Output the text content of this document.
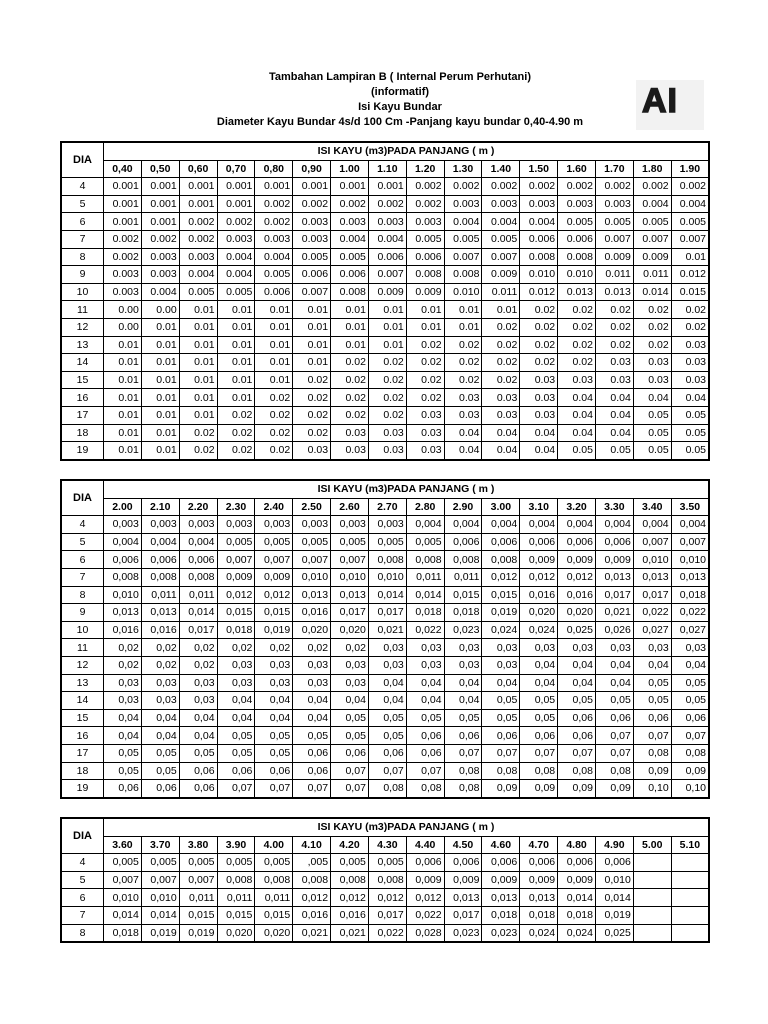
Tambahan Lampiran B ( Internal Perum Perhutani)
(informatif)
Isi Kayu Bundar
Diameter Kayu Bundar 4s/d 100 Cm -Panjang kayu bundar 0,40-4.90 m
AI
DIA	ISI KAYU (m3)PADA PANJANG ( m )															
	0,40	0,50	0,60	0,70	0,80	0,90	1.00	1.10	1.20	1.30	1.40	1.50	1.60	1.70	1.80	1.90
4	0.001	0.001	0.001	0.001	0.001	0.001	0.001	0.001	0.002	0.002	0.002	0.002	0.002	0.002	0.002	0.002
5	0.001	0.001	0.001	0.001	0.002	0.002	0.002	0.002	0.002	0.003	0.003	0.003	0.003	0.003	0.004	0.004
6	0.001	0.001	0.002	0.002	0.002	0.003	0.003	0.003	0.003	0.004	0.004	0.004	0.005	0.005	0.005	0.005
7	0.002	0.002	0.002	0.003	0.003	0.003	0.004	0.004	0.005	0.005	0.005	0.006	0.006	0.007	0.007	0.007
8	0.002	0.003	0.003	0.004	0.004	0.005	0.005	0.006	0.006	0.007	0.007	0.008	0.008	0.009	0.009	0.01
9	0.003	0.003	0.004	0.004	0.005	0.006	0.006	0.007	0.008	0.008	0.009	0.010	0.010	0.011	0.011	0.012
10	0.003	0.004	0.005	0.005	0.006	0.007	0.008	0.009	0.009	0.010	0.011	0.012	0.013	0.013	0.014	0.015
11	0.00	0.00	0.01	0.01	0.01	0.01	0.01	0.01	0.01	0.01	0.01	0.02	0.02	0.02	0.02	0.02
12	0.00	0.01	0.01	0.01	0.01	0.01	0.01	0.01	0.01	0.01	0.02	0.02	0.02	0.02	0.02	0.02
13	0.01	0.01	0.01	0.01	0.01	0.01	0.01	0.01	0.02	0.02	0.02	0.02	0.02	0.02	0.02	0.03
14	0.01	0.01	0.01	0.01	0.01	0.01	0.02	0.02	0.02	0.02	0.02	0.02	0.02	0.03	0.03	0.03
15	0.01	0.01	0.01	0.01	0.01	0.02	0.02	0.02	0.02	0.02	0.02	0.03	0.03	0.03	0.03	0.03
16	0.01	0.01	0.01	0.01	0.02	0.02	0.02	0.02	0.02	0.03	0.03	0.03	0.04	0.04	0.04	0.04
17	0.01	0.01	0.01	0.02	0.02	0.02	0.02	0.02	0.03	0.03	0.03	0.03	0.04	0.04	0.05	0.05
18	0.01	0.01	0.02	0.02	0.02	0.02	0.03	0.03	0.03	0.04	0.04	0.04	0.04	0.04	0.05	0.05
19	0.01	0.01	0.02	0.02	0.02	0.03	0.03	0.03	0.03	0.04	0.04	0.04	0.05	0.05	0.05	0.05
DIA	ISI KAYU (m3)PADA PANJANG ( m )															
	2.00	2.10	2.20	2.30	2.40	2.50	2.60	2.70	2.80	2.90	3.00	3.10	3.20	3.30	3.40	3.50
4	0,003	0,003	0,003	0,003	0,003	0,003	0,003	0,003	0,004	0,004	0,004	0,004	0,004	0,004	0,004	0,004
5	0,004	0,004	0,004	0,005	0,005	0,005	0,005	0,005	0,005	0,006	0,006	0,006	0,006	0,006	0,007	0,007
6	0,006	0,006	0,006	0,007	0,007	0,007	0,007	0,008	0,008	0,008	0,008	0,009	0,009	0,009	0,010	0,010
7	0,008	0,008	0,008	0,009	0,009	0,010	0,010	0,010	0,011	0,011	0,012	0,012	0,012	0,013	0,013	0,013
8	0,010	0,011	0,011	0,012	0,012	0,013	0,013	0,014	0,014	0,015	0,015	0,016	0,016	0,017	0,017	0,018
9	0,013	0,013	0,014	0,015	0,015	0,016	0,017	0,017	0,018	0,018	0,019	0,020	0,020	0,021	0,022	0,022
10	0,016	0,016	0,017	0,018	0,019	0,020	0,020	0,021	0,022	0,023	0,024	0,024	0,025	0,026	0,027	0,027
11	0,02	0,02	0,02	0,02	0,02	0,02	0,02	0,03	0,03	0,03	0,03	0,03	0,03	0,03	0,03	0,03
12	0,02	0,02	0,02	0,03	0,03	0,03	0,03	0,03	0,03	0,03	0,03	0,04	0,04	0,04	0,04	0,04
13	0,03	0,03	0,03	0,03	0,03	0,03	0,03	0,04	0,04	0,04	0,04	0,04	0,04	0,04	0,05	0,05
14	0,03	0,03	0,03	0,04	0,04	0,04	0,04	0,04	0,04	0,04	0,05	0,05	0,05	0,05	0,05	0,05
15	0,04	0,04	0,04	0,04	0,04	0,04	0,05	0,05	0,05	0,05	0,05	0,05	0,06	0,06	0,06	0,06
16	0,04	0,04	0,04	0,05	0,05	0,05	0,05	0,05	0,06	0,06	0,06	0,06	0,06	0,07	0,07	0,07
17	0,05	0,05	0,05	0,05	0,05	0,06	0,06	0,06	0,06	0,07	0,07	0,07	0,07	0,07	0,08	0,08
18	0,05	0,05	0,06	0,06	0,06	0,06	0,07	0,07	0,07	0,08	0,08	0,08	0,08	0,08	0,09	0,09
19	0,06	0,06	0,06	0,07	0,07	0,07	0,07	0,08	0,08	0,08	0,09	0,09	0,09	0,09	0,10	0,10
DIA	ISI KAYU (m3)PADA PANJANG ( m )															
	3.60	3.70	3.80	3.90	4.00	4.10	4.20	4.30	4.40	4.50	4.60	4.70	4.80	4.90	5.00	5.10
4	0,005	0,005	0,005	0,005	0,005	,005	0,005	0,005	0,006	0,006	0,006	0,006	0,006	0,006		
5	0,007	0,007	0,007	0,008	0,008	0,008	0,008	0,008	0,009	0,009	0,009	0,009	0,009	0,010		
6	0,010	0,010	0,011	0,011	0,011	0,012	0,012	0,012	0,012	0,013	0,013	0,013	0,014	0,014		
7	0,014	0,014	0,015	0,015	0,015	0,016	0,016	0,017	0,022	0,017	0,018	0,018	0,018	0,019		
8	0,018	0,019	0,019	0,020	0,020	0,021	0,021	0,022	0,028	0,023	0,023	0,024	0,024	0,025		
